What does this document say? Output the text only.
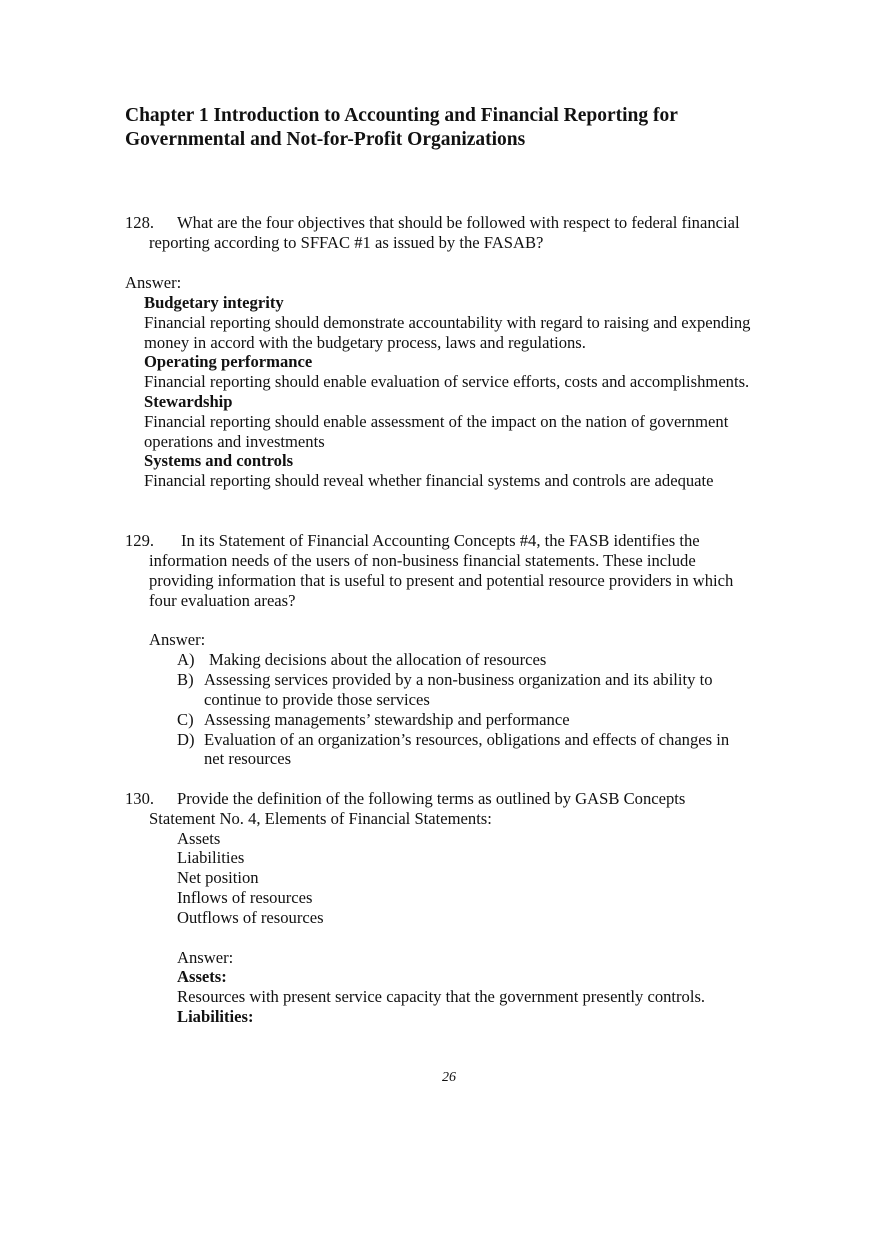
Chapter 1 Introduction to Accounting and Financial Reporting for
Governmental and Not-for-Profit Organizations
128. What are the four objectives that should be followed with respect to federal financial
reporting according to SFFAC #1 as issued by the FASAB?
Answer:
Budgetary integrity
Financial reporting should demonstrate accountability with regard to raising and expending
money in accord with the budgetary process, laws and regulations.
Operating performance
Financial reporting should enable evaluation of service efforts, costs and accomplishments.
Stewardship
Financial reporting should enable assessment of the impact on the nation of government
operations and investments
Systems and controls
Financial reporting should reveal whether financial systems and controls are adequate
129. In its Statement of Financial Accounting Concepts #4, the FASB identifies the
information needs of the users of non-business financial statements. These include
providing information that is useful to present and potential resource providers in which
four evaluation areas?
Answer:
A) Making decisions about the allocation of resources
B) Assessing services provided by a non-business organization and its ability to
continue to provide those services
C) Assessing managements’ stewardship and performance
D) Evaluation of an organization’s resources, obligations and effects of changes in
net resources
130. Provide the definition of the following terms as outlined by GASB Concepts
Statement No. 4, Elements of Financial Statements:
Assets
Liabilities
Net position
Inflows of resources
Outflows of resources
Answer:
Assets:
Resources with present service capacity that the government presently controls.
Liabilities:
26
